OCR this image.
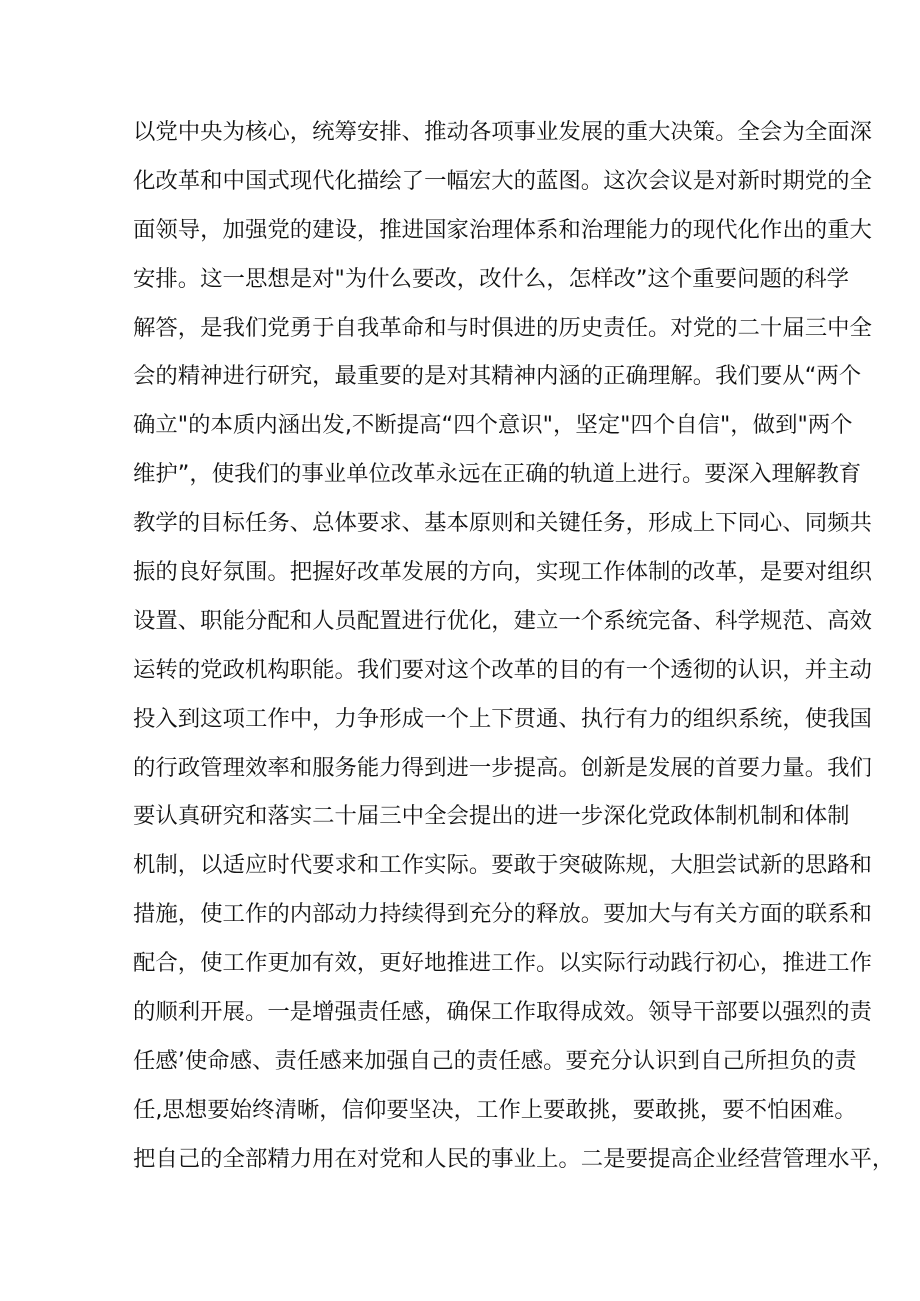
以党中央为核心，统筹安排、推动各项事业发展的重大决策。全会为全面深
化改革和中国式现代化描绘了一幅宏大的蓝图。这次会议是对新时期党的全
面领导，加强党的建设，推进国家治理体系和治理能力的现代化作出的重大
安排。这一思想是对"为什么要改，改什么，怎样改”这个重要问题的科学
解答，是我们党勇于自我革命和与时俱进的历史责任。对党的二十届三中全
会的精神进行研究，最重要的是对其精神内涵的正确理解。我们要从“两个
确立"的本质内涵出发,不断提高“四个意识"，坚定"四个自信"，做到"两个
维护”，使我们的事业单位改革永远在正确的轨道上进行。要深入理解教育
教学的目标任务、总体要求、基本原则和关键任务，形成上下同心、同频共
振的良好氛围。把握好改革发展的方向，实现工作体制的改革，是要对组织
设置、职能分配和人员配置进行优化，建立一个系统完备、科学规范、高效
运转的党政机构职能。我们要对这个改革的目的有一个透彻的认识，并主动
投入到这项工作中，力争形成一个上下贯通、执行有力的组织系统，使我国
的行政管理效率和服务能力得到进一步提高。创新是发展的首要力量。我们
要认真研究和落实二十届三中全会提出的进一步深化党政体制机制和体制
机制，以适应时代要求和工作实际。要敢于突破陈规，大胆尝试新的思路和
措施，使工作的内部动力持续得到充分的释放。要加大与有关方面的联系和
配合，使工作更加有效，更好地推进工作。以实际行动践行初心，推进工作
的顺利开展。一是增强责任感，确保工作取得成效。领导干部要以强烈的责
任感’使命感、责任感来加强自己的责任感。要充分认识到自己所担负的责
任,思想要始终清晰，信仰要坚决，工作上要敢挑，要敢挑，要不怕困难。
把自己的全部精力用在对党和人民的事业上。二是要提高企业经营管理水平，
